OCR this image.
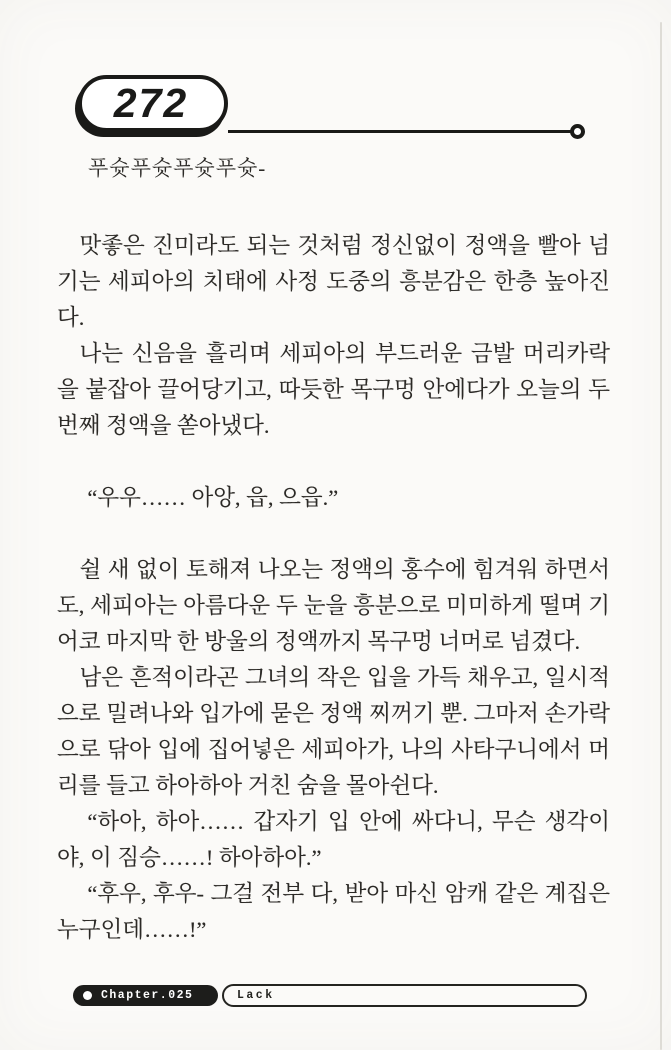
272
푸슛푸슛푸슛푸슛-

맛좋은 진미라도 되는 것처럼 정신없이 정액을 빨아 넘기는 세피아의 치태에 사정 도중의 흥분감은 한층 높아진다.

나는 신음을 흘리며 세피아의 부드러운 금발 머리카락을 붙잡아 끌어당기고, 따듯한 목구멍 안에다가 오늘의 두 번째 정액을 쏟아냈다.

“우우…… 아앙, 읍, 으읍.”

쉴 새 없이 토해져 나오는 정액의 홍수에 힘겨워 하면서도, 세피아는 아름다운 두 눈을 흥분으로 미미하게 떨며 기어코 마지막 한 방울의 정액까지 목구멍 너머로 넘겼다.

남은 흔적이라곤 그녀의 작은 입을 가득 채우고, 일시적으로 밀려나와 입가에 묻은 정액 찌꺼기 뿐. 그마저 손가락으로 닦아 입에 집어넣은 세피아가, 나의 사타구니에서 머리를 들고 하아하아 거친 숨을 몰아쉰다.

“하아, 하아…… 갑자기 입 안에 싸다니, 무슨 생각이야, 이 짐승……! 하아하아.”

“후우, 후우- 그걸 전부 다, 받아 마신 암캐 같은 계집은 누구인데……!”

Chapter.025	Lack
